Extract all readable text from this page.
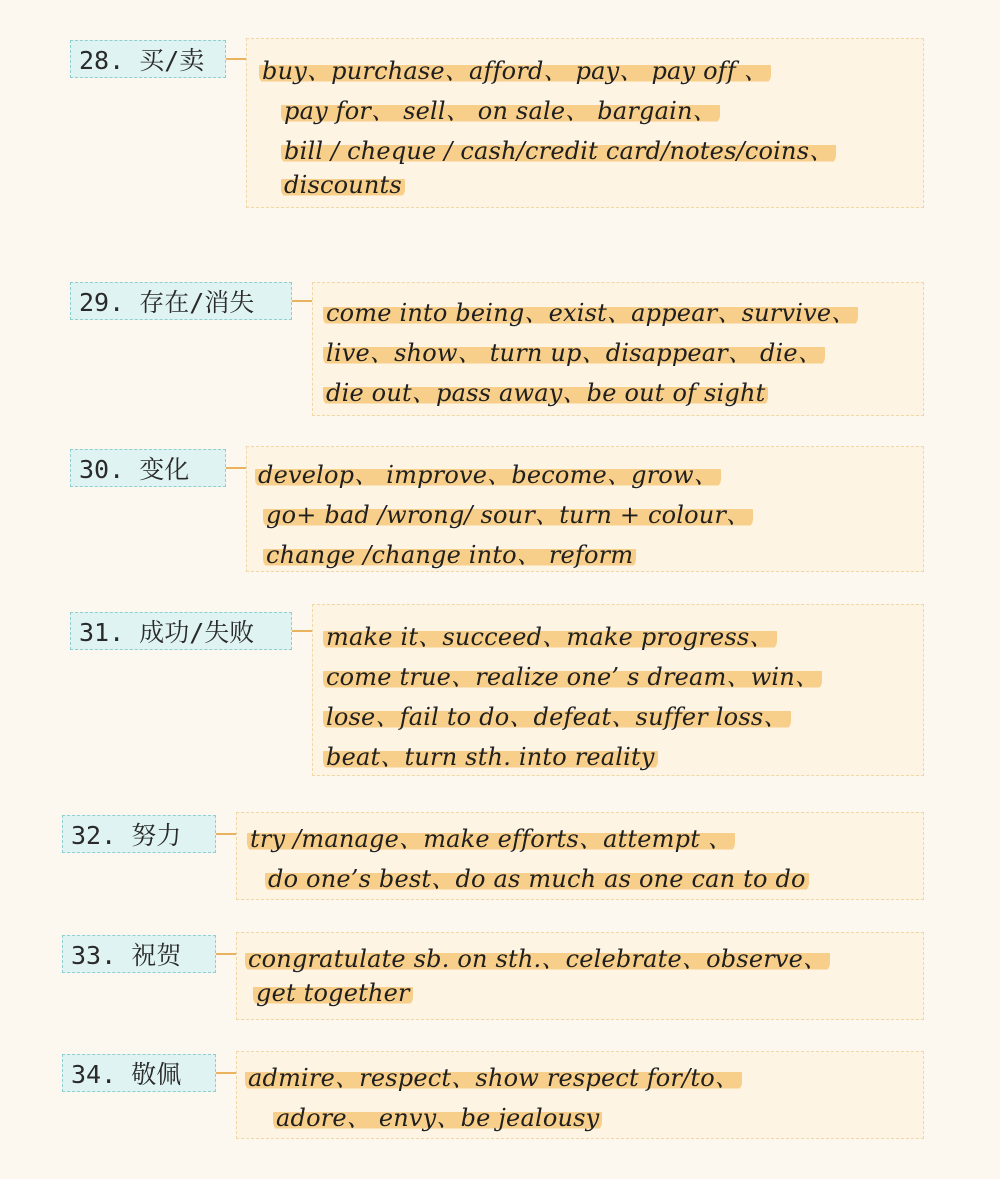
28. 买/卖	buy、purchase、afford、 pay、 pay off 、
pay for、 sell、 on sale、 bargain、
bill / cheque / cash/credit card/notes/coins、
discounts
29. 存在/消失	come into being、exist、appear、survive、
live、show、 turn up、disappear、 die、
die out、pass away、be out of sight
30. 变化	develop、 improve、become、grow、
go+ bad /wrong/ sour、turn + colour、
change /change into、 reform
31. 成功/失败	make it、succeed、make progress、
come true、realize one’ s dream、win、
lose、fail to do、defeat、suffer loss、
beat、turn sth. into reality
32. 努力	try /manage、make efforts、attempt 、
do one’s best、do as much as one can to do
33. 祝贺	congratulate sb. on sth.、celebrate、observe、
get together
34. 敬佩	admire、respect、show respect for/to、
adore、 envy、be jealousy
